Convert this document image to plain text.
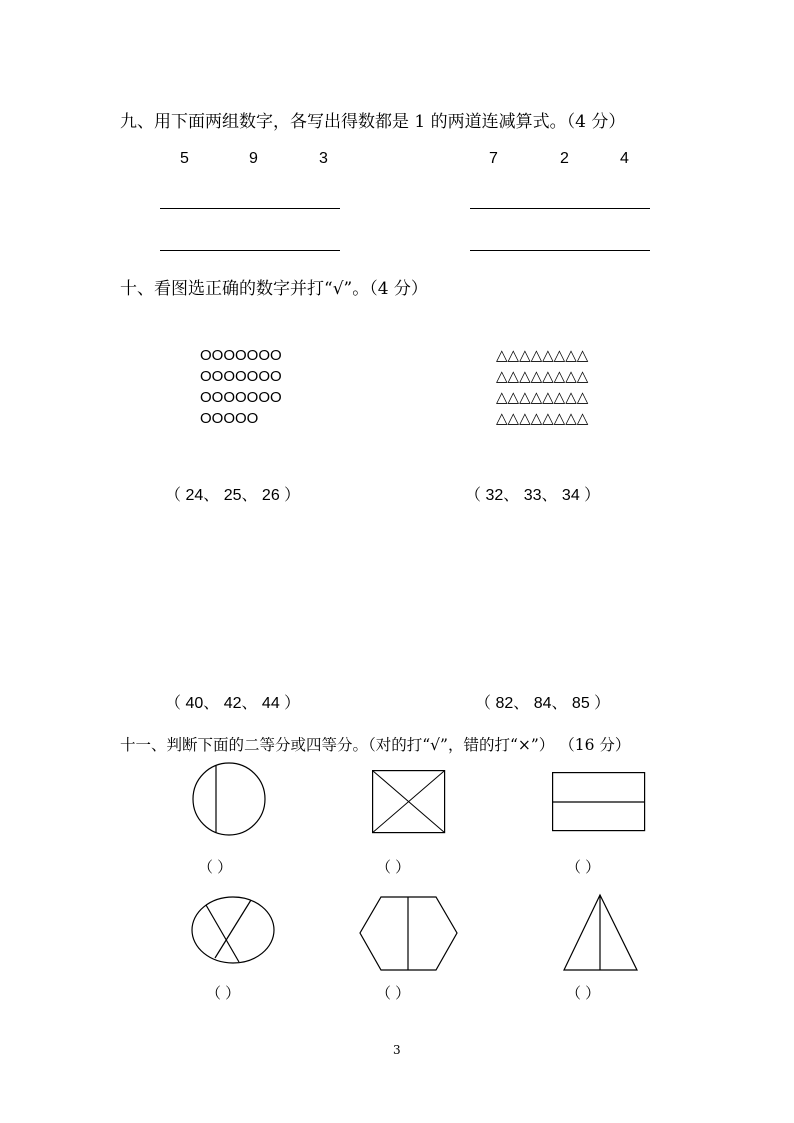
九、用下面两组数字，各写出得数都是 1 的两道连减算式。（4 分）
5	9	3	7	2	4
十、看图选正确的数字并打“√”。（4 分）
OOOOOOO
OOOOOOO
OOOOOOO
OOOOO
△△△△△△△△
△△△△△△△△
△△△△△△△△
△△△△△△△△
（ 24、 25、 26 ）	（ 32、 33、 34 ）
（ 40、 42、 44 ）	（ 82、 84、 85 ）
十一、判断下面的二等分或四等分。（对的打“√”，错的打“×”） （16 分）
（ ）	（ ）	（ ）
（ ）	（ ）	（ ）
3
